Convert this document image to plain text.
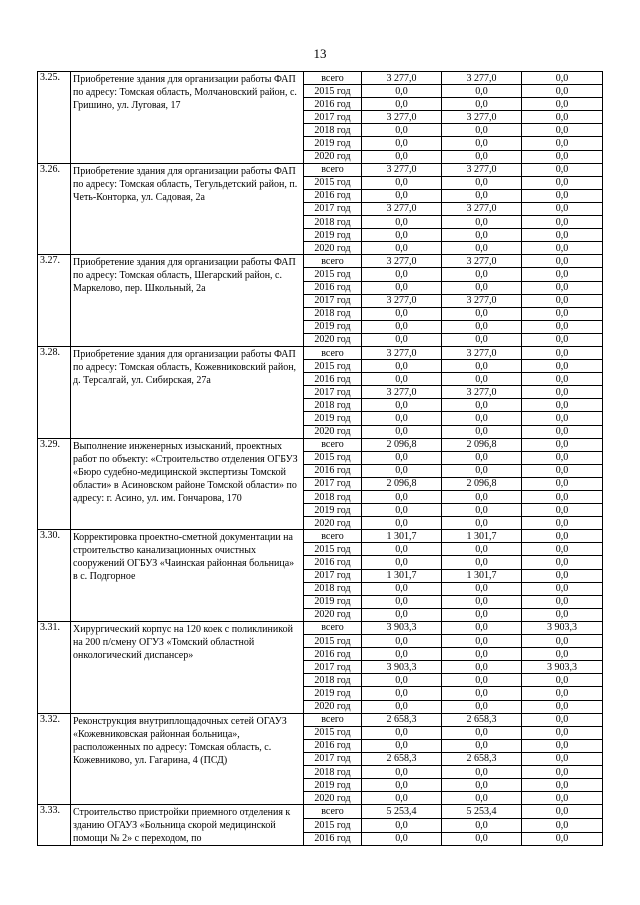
13
3.25.	Приобретение здания для организации работы ФАП по адресу: Томская область, Молчановский район, с. Гришино, ул. Луговая, 17	всего	3 277,0	3 277,0	0,0
		2015 год	0,0	0,0	0,0
		2016 год	0,0	0,0	0,0
		2017 год	3 277,0	3 277,0	0,0
		2018 год	0,0	0,0	0,0
		2019 год	0,0	0,0	0,0
		2020 год	0,0	0,0	0,0
3.26.	Приобретение здания для организации работы ФАП по адресу: Томская область, Тегульдетский район, п. Четь-Конторка, ул. Садовая, 2а	всего	3 277,0	3 277,0	0,0
		2015 год	0,0	0,0	0,0
		2016 год	0,0	0,0	0,0
		2017 год	3 277,0	3 277,0	0,0
		2018 год	0,0	0,0	0,0
		2019 год	0,0	0,0	0,0
		2020 год	0,0	0,0	0,0
3.27.	Приобретение здания для организации работы ФАП по адресу: Томская область, Шегарский район, с. Маркелово, пер. Школьный, 2а	всего	3 277,0	3 277,0	0,0
		2015 год	0,0	0,0	0,0
		2016 год	0,0	0,0	0,0
		2017 год	3 277,0	3 277,0	0,0
		2018 год	0,0	0,0	0,0
		2019 год	0,0	0,0	0,0
		2020 год	0,0	0,0	0,0
3.28.	Приобретение здания для организации работы ФАП по адресу: Томская область, Кожевниковский район, д. Терсалгай, ул. Сибирская, 27а	всего	3 277,0	3 277,0	0,0
		2015 год	0,0	0,0	0,0
		2016 год	0,0	0,0	0,0
		2017 год	3 277,0	3 277,0	0,0
		2018 год	0,0	0,0	0,0
		2019 год	0,0	0,0	0,0
		2020 год	0,0	0,0	0,0
3.29.	Выполнение инженерных изысканий, проектных работ по объекту: «Строительство отделения ОГБУЗ «Бюро судебно-медицинской экспертизы Томской области» в Асиновском районе Томской области» по адресу: г. Асино, ул. им. Гончарова, 170	всего	2 096,8	2 096,8	0,0
		2015 год	0,0	0,0	0,0
		2016 год	0,0	0,0	0,0
		2017 год	2 096,8	2 096,8	0,0
		2018 год	0,0	0,0	0,0
		2019 год	0,0	0,0	0,0
		2020 год	0,0	0,0	0,0
3.30.	Корректировка проектно-сметной документации на строительство канализационных очистных сооружений ОГБУЗ «Чаинская районная больница» в с. Подгорное	всего	1 301,7	1 301,7	0,0
		2015 год	0,0	0,0	0,0
		2016 год	0,0	0,0	0,0
		2017 год	1 301,7	1 301,7	0,0
		2018 год	0,0	0,0	0,0
		2019 год	0,0	0,0	0,0
		2020 год	0,0	0,0	0,0
3.31.	Хирургический корпус на 120 коек с поликлиникой на 200 п/смену ОГУЗ «Томский областной онкологический диспансер»	всего	3 903,3	0,0	3 903,3
		2015 год	0,0	0,0	0,0
		2016 год	0,0	0,0	0,0
		2017 год	3 903,3	0,0	3 903,3
		2018 год	0,0	0,0	0,0
		2019 год	0,0	0,0	0,0
		2020 год	0,0	0,0	0,0
3.32.	Реконструкция внутриплощадочных сетей ОГАУЗ «Кожевниковская районная больница», расположенных по адресу: Томская область, с. Кожевниково, ул. Гагарина, 4 (ПСД)	всего	2 658,3	2 658,3	0,0
		2015 год	0,0	0,0	0,0
		2016 год	0,0	0,0	0,0
		2017 год	2 658,3	2 658,3	0,0
		2018 год	0,0	0,0	0,0
		2019 год	0,0	0,0	0,0
		2020 год	0,0	0,0	0,0
3.33.	Строительство пристройки приемного отделения к зданию ОГАУЗ «Больница скорой медицинской помощи № 2» с переходом, по	всего	5 253,4	5 253,4	0,0
		2015 год	0,0	0,0	0,0
		2016 год	0,0	0,0	0,0
